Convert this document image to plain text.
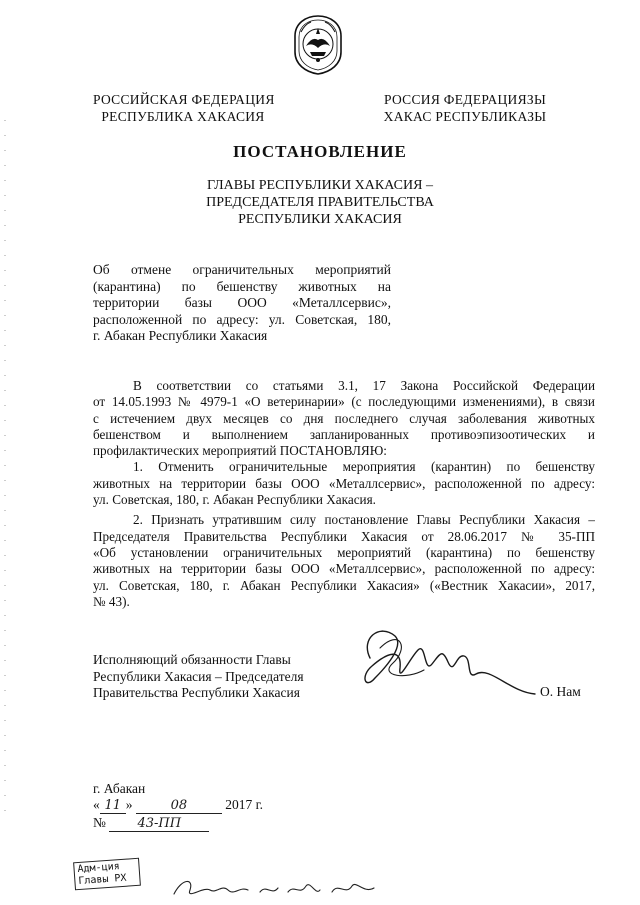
РОССИЙСКАЯ ФЕДЕРАЦИЯ
РЕСПУБЛИКА ХАКАСИЯ
РОССИЯ ФЕДЕРАЦИЯЗЫ
ХАКАС РЕСПУБЛИКАЗЫ
ПОСТАНОВЛЕНИЕ
ГЛАВЫ РЕСПУБЛИКИ ХАКАСИЯ –
ПРЕДСЕДАТЕЛЯ ПРАВИТЕЛЬСТВА
РЕСПУБЛИКИ ХАКАСИЯ
Об отмене ограничительных мероприятий
(карантина) по бешенству животных на
территории базы ООО «Металлсервис»,
расположенной по адресу: ул. Советская, 180,
г. Абакан Республики Хакасия
В соответствии со статьями 3.1, 17 Закона Российской Федерации
от 14.05.1993 № 4979-1 «О ветеринарии» (с последующими изменениями), в связи
с истечением двух месяцев со дня последнего случая заболевания животных
бешенством и выполнением запланированных противоэпизоотических и
профилактических мероприятий ПОСТАНОВЛЯЮ:
1. Отменить ограничительные мероприятия (карантин) по бешенству
животных на территории базы ООО «Металлсервис», расположенной по адресу:
ул. Советская, 180, г. Абакан Республики Хакасия.
2. Признать утратившим силу постановление Главы Республики Хакасия –
Председателя Правительства Республики Хакасия от 28.06.2017 № 35-ПП
«Об установлении ограничительных мероприятий (карантина) по бешенству
животных на территории базы ООО «Металлсервис», расположенной по адресу:
ул. Советская, 180, г. Абакан Республики Хакасия» («Вестник Хакасии», 2017,
№ 43).
Исполняющий обязанности Главы
Республики Хакасия – Председателя
Правительства Республики Хакасия	О. Нам
г. Абакан
« 11 »	08	2017 г.
№ 43-ПП
Адм-ция
Главы РХ
